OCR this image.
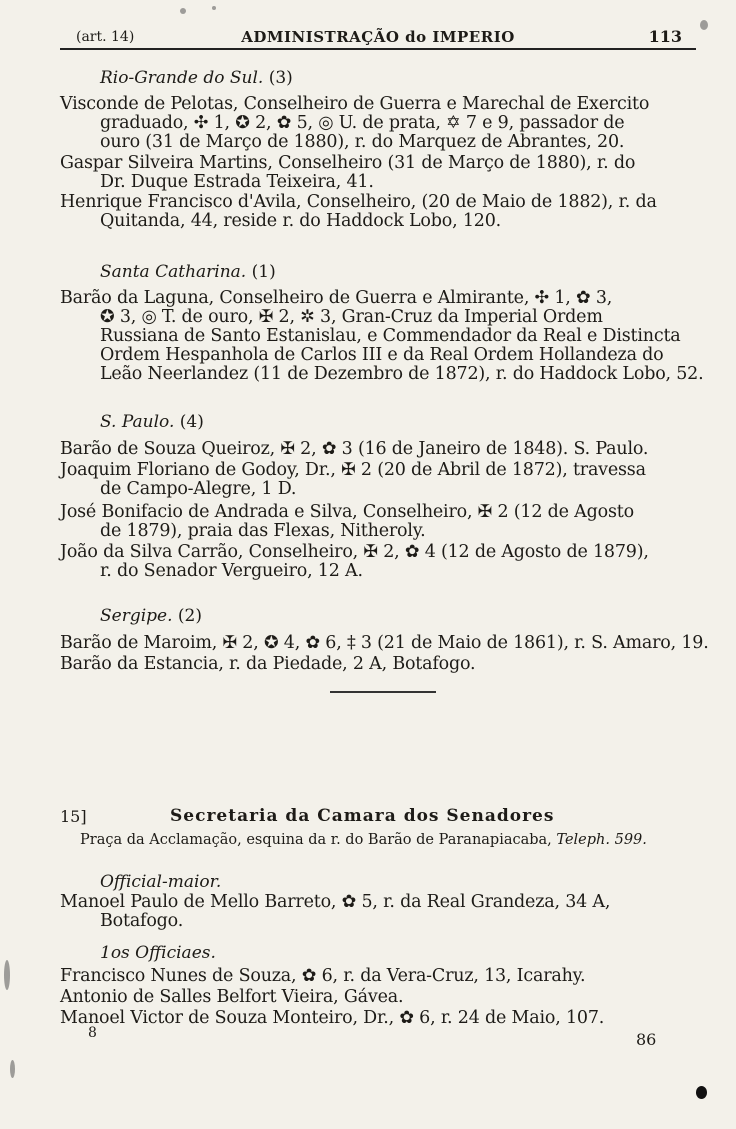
(art. 14)	ADMINISTRAÇÃO do IMPERIO	113
Rio-Grande do Sul. (3)
Visconde de Pelotas, Conselheiro de Guerra e Marechal de Exercito
graduado, ✣ 1, ✪ 2, ✿ 5, ◎ U. de prata, ✡ 7 e 9, passador de
ouro (31 de Março de 1880), r. do Marquez de Abrantes, 20.
Gaspar Silveira Martins, Conselheiro (31 de Março de 1880), r. do
Dr. Duque Estrada Teixeira, 41.
Henrique Francisco d'Avila, Conselheiro, (20 de Maio de 1882), r. da
Quitanda, 44, reside r. do Haddock Lobo, 120.
Santa Catharina. (1)
Barão da Laguna, Conselheiro de Guerra e Almirante, ✣ 1, ✿ 3,
✪ 3, ◎ T. de ouro, ✠ 2, ✲ 3, Gran-Cruz da Imperial Ordem
Russiana de Santo Estanislau, e Commendador da Real e Distincta
Ordem Hespanhola de Carlos III e da Real Ordem Hollandeza do
Leão Neerlandez (11 de Dezembro de 1872), r. do Haddock Lobo, 52.
S. Paulo. (4)
Barão de Souza Queiroz, ✠ 2, ✿ 3 (16 de Janeiro de 1848). S. Paulo.
Joaquim Floriano de Godoy, Dr., ✠ 2 (20 de Abril de 1872), travessa
de Campo-Alegre, 1 D.
José Bonifacio de Andrada e Silva, Conselheiro, ✠ 2 (12 de Agosto
de 1879), praia das Flexas, Nitheroly.
João da Silva Carrão, Conselheiro, ✠ 2, ✿ 4 (12 de Agosto de 1879),
r. do Senador Vergueiro, 12 A.
Sergipe. (2)
Barão de Maroim, ✠ 2, ✪ 4, ✿ 6, ‡ 3 (21 de Maio de 1861), r. S. Amaro, 19.
Barão da Estancia, r. da Piedade, 2 A, Botafogo.
15]	Secretaria da Camara dos Senadores
Praça da Acclamação, esquina da r. do Barão de Paranapiacaba, Teleph. 599.
Official-maior.
Manoel Paulo de Mello Barreto, ✿ 5, r. da Real Grandeza, 34 A,
Botafogo.
1os Officiaes.
Francisco Nunes de Souza, ✿ 6, r. da Vera-Cruz, 13, Icarahy.
Antonio de Salles Belfort Vieira, Gávea.
Manoel Victor de Souza Monteiro, Dr., ✿ 6, r. 24 de Maio, 107.
8	86
